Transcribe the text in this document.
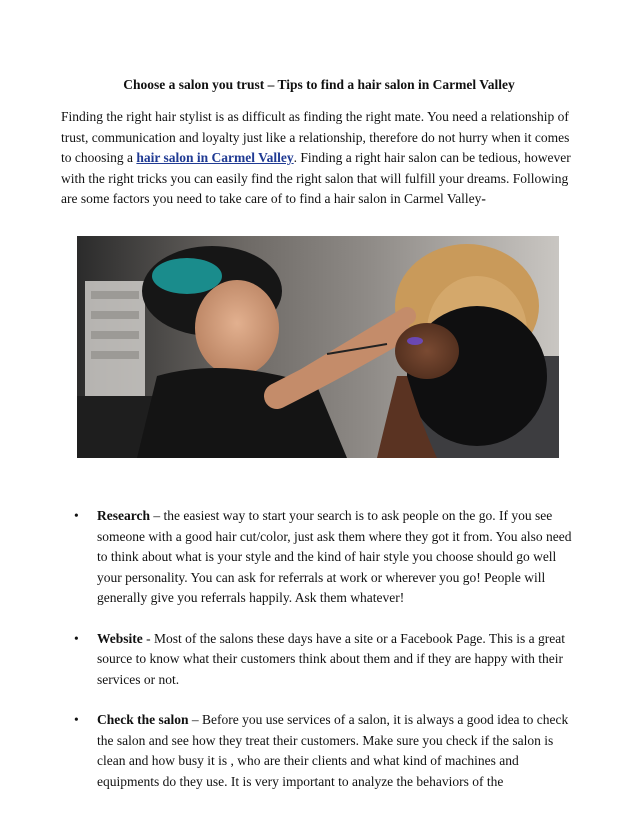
Choose a salon you trust – Tips to find a hair salon in Carmel Valley

Finding the right hair stylist is as difficult as finding the right mate. You need a relationship of trust, communication and loyalty just like a relationship, therefore do not hurry when it comes to choosing a hair salon in Carmel Valley. Finding a right hair salon can be tedious, however with the right tricks you can easily find the right salon that will fulfill your dreams. Following are some factors you need to take care of to find a hair salon in Carmel Valley-

• Research – the easiest way to start your search is to ask people on the go. If you see someone with a good hair cut/color, just ask them where they got it from. You also need to think about what is your style and the kind of hair style you choose should go well your personality. You can ask for referrals at work or wherever you go! People will generally give you referrals happily. Ask them whatever!
• Website - Most of the salons these days have a site or a Facebook Page. This is a great source to know what their customers think about them and if they are happy with their services or not.
• Check the salon – Before you use services of a salon, it is always a good idea to check the salon and see how they treat their customers. Make sure you check if the salon is clean and how busy it is , who are their clients and what kind of machines and equipments do they use. It is very important to analyze the behaviors of the
